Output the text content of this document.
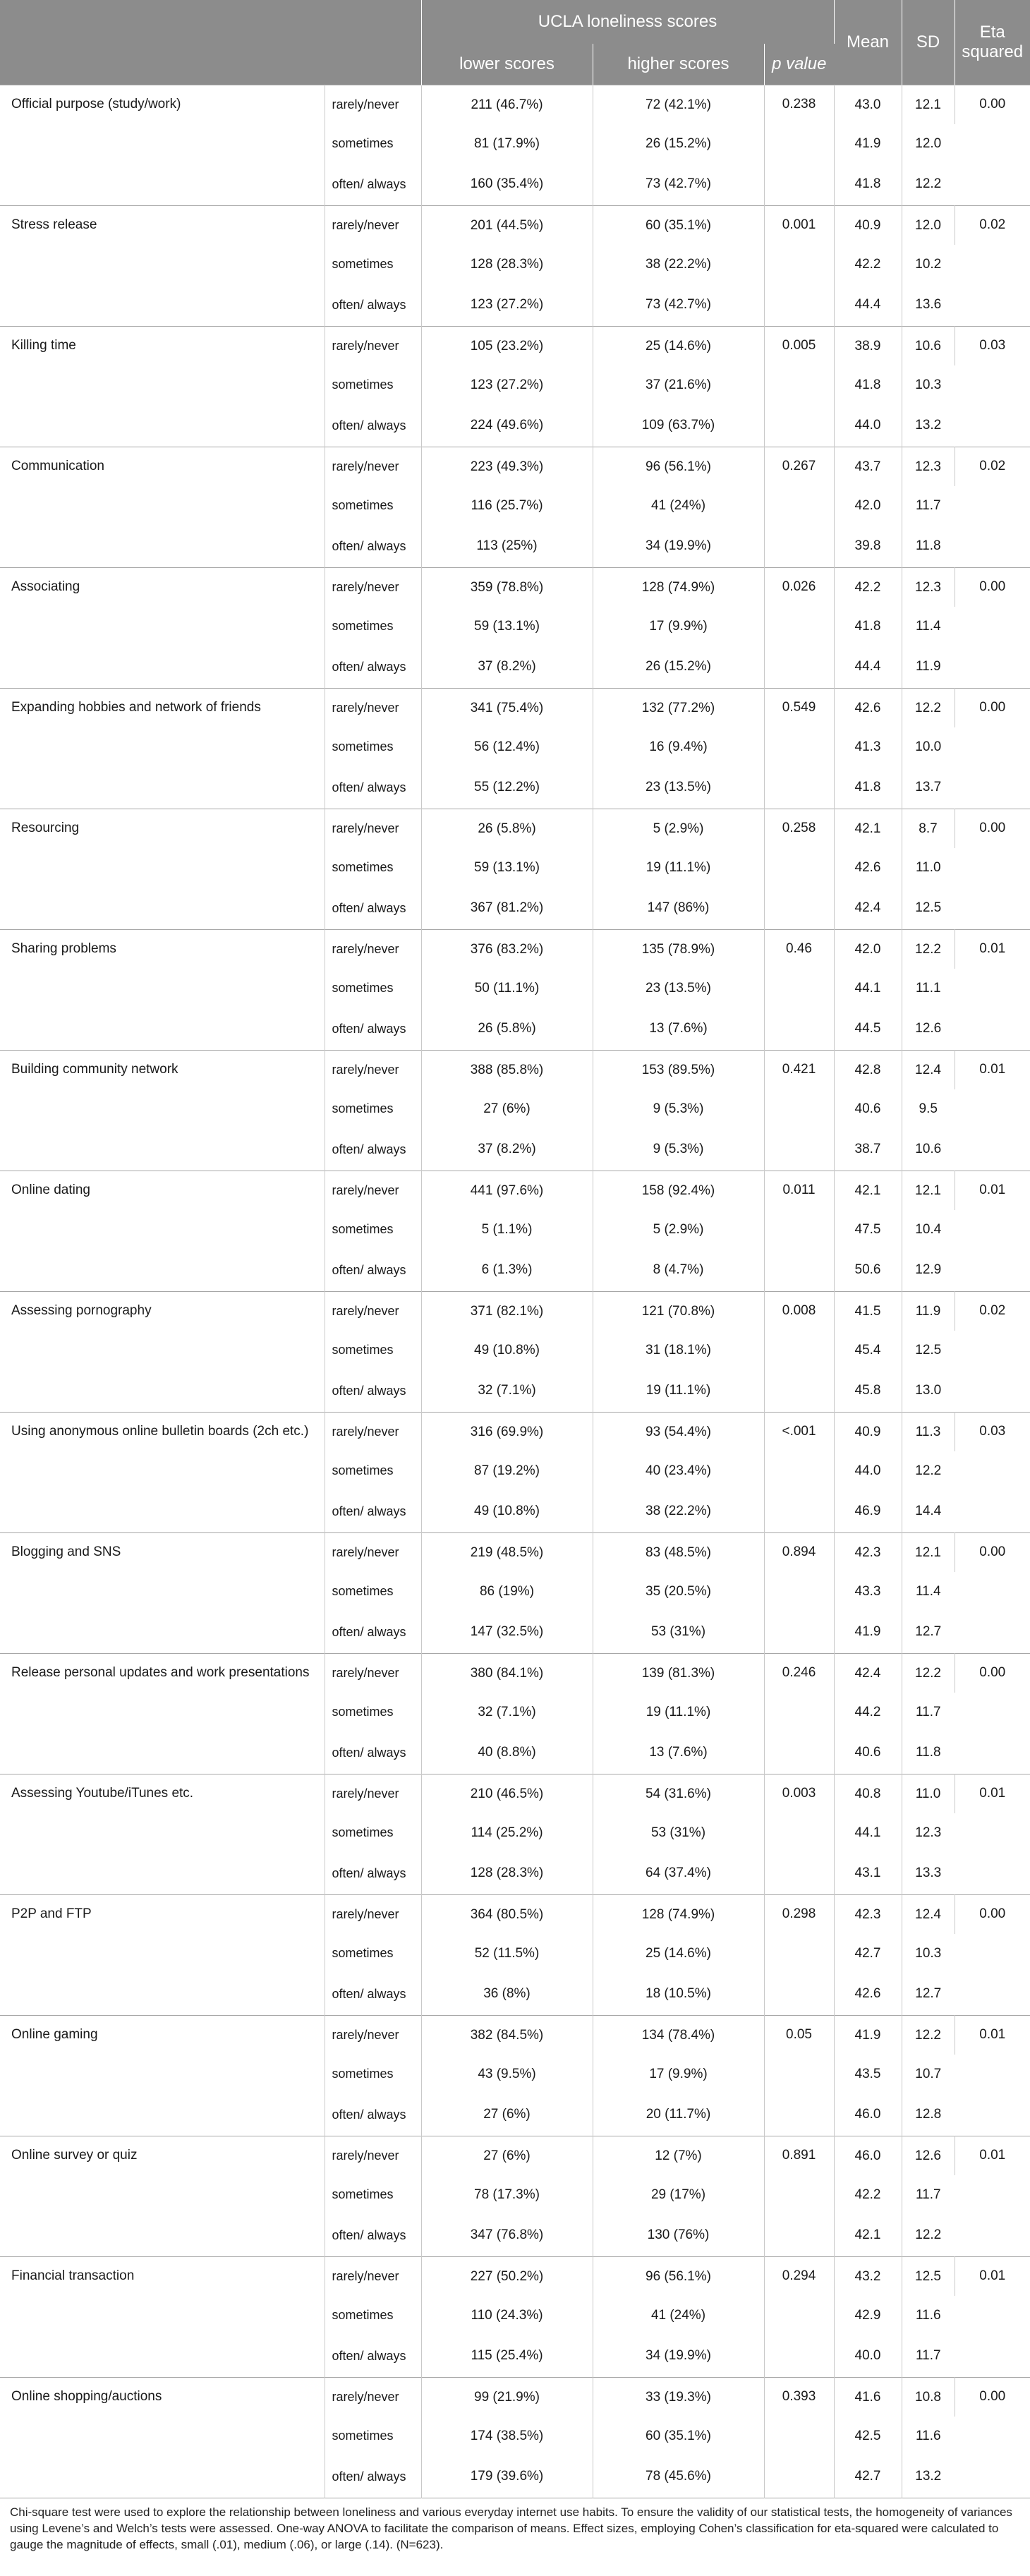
		UCLA loneliness scores			Mean	SD	Eta squared
		lower scores	higher scores	p value			
Official purpose (study/work)	rarely/never	211 (46.7%)	72 (42.1%)	0.238	43.0	12.1	0.00
	sometimes	81 (17.9%)	26 (15.2%)		41.9	12.0	
	often/ always	160 (35.4%)	73 (42.7%)		41.8	12.2	
Stress release	rarely/never	201 (44.5%)	60 (35.1%)	0.001	40.9	12.0	0.02
	sometimes	128 (28.3%)	38 (22.2%)		42.2	10.2	
	often/ always	123 (27.2%)	73 (42.7%)		44.4	13.6	
Killing time	rarely/never	105 (23.2%)	25 (14.6%)	0.005	38.9	10.6	0.03
	sometimes	123 (27.2%)	37 (21.6%)		41.8	10.3	
	often/ always	224 (49.6%)	109 (63.7%)		44.0	13.2	
Communication	rarely/never	223 (49.3%)	96 (56.1%)	0.267	43.7	12.3	0.02
	sometimes	116 (25.7%)	41 (24%)		42.0	11.7	
	often/ always	113 (25%)	34 (19.9%)		39.8	11.8	
Associating	rarely/never	359 (78.8%)	128 (74.9%)	0.026	42.2	12.3	0.00
	sometimes	59 (13.1%)	17 (9.9%)		41.8	11.4	
	often/ always	37 (8.2%)	26 (15.2%)		44.4	11.9	
Expanding hobbies and network of friends	rarely/never	341 (75.4%)	132 (77.2%)	0.549	42.6	12.2	0.00
	sometimes	56 (12.4%)	16 (9.4%)		41.3	10.0	
	often/ always	55 (12.2%)	23 (13.5%)		41.8	13.7	
Resourcing	rarely/never	26 (5.8%)	5 (2.9%)	0.258	42.1	8.7	0.00
	sometimes	59 (13.1%)	19 (11.1%)		42.6	11.0	
	often/ always	367 (81.2%)	147 (86%)		42.4	12.5	
Sharing problems	rarely/never	376 (83.2%)	135 (78.9%)	0.46	42.0	12.2	0.01
	sometimes	50 (11.1%)	23 (13.5%)		44.1	11.1	
	often/ always	26 (5.8%)	13 (7.6%)		44.5	12.6	
Building community network	rarely/never	388 (85.8%)	153 (89.5%)	0.421	42.8	12.4	0.01
	sometimes	27 (6%)	9 (5.3%)		40.6	9.5	
	often/ always	37 (8.2%)	9 (5.3%)		38.7	10.6	
Online dating	rarely/never	441 (97.6%)	158 (92.4%)	0.011	42.1	12.1	0.01
	sometimes	5 (1.1%)	5 (2.9%)		47.5	10.4	
	often/ always	6 (1.3%)	8 (4.7%)		50.6	12.9	
Assessing pornography	rarely/never	371 (82.1%)	121 (70.8%)	0.008	41.5	11.9	0.02
	sometimes	49 (10.8%)	31 (18.1%)		45.4	12.5	
	often/ always	32 (7.1%)	19 (11.1%)		45.8	13.0	
Using anonymous online bulletin boards (2ch etc.)	rarely/never	316 (69.9%)	93 (54.4%)	<.001	40.9	11.3	0.03
	sometimes	87 (19.2%)	40 (23.4%)		44.0	12.2	
	often/ always	49 (10.8%)	38 (22.2%)		46.9	14.4	
Blogging and SNS	rarely/never	219 (48.5%)	83 (48.5%)	0.894	42.3	12.1	0.00
	sometimes	86 (19%)	35 (20.5%)		43.3	11.4	
	often/ always	147 (32.5%)	53 (31%)		41.9	12.7	
Release personal updates and work presentations	rarely/never	380 (84.1%)	139 (81.3%)	0.246	42.4	12.2	0.00
	sometimes	32 (7.1%)	19 (11.1%)		44.2	11.7	
	often/ always	40 (8.8%)	13 (7.6%)		40.6	11.8	
Assessing Youtube/iTunes etc.	rarely/never	210 (46.5%)	54 (31.6%)	0.003	40.8	11.0	0.01
	sometimes	114 (25.2%)	53 (31%)		44.1	12.3	
	often/ always	128 (28.3%)	64 (37.4%)		43.1	13.3	
P2P and FTP	rarely/never	364 (80.5%)	128 (74.9%)	0.298	42.3	12.4	0.00
	sometimes	52 (11.5%)	25 (14.6%)		42.7	10.3	
	often/ always	36 (8%)	18 (10.5%)		42.6	12.7	
Online gaming	rarely/never	382 (84.5%)	134 (78.4%)	0.05	41.9	12.2	0.01
	sometimes	43 (9.5%)	17 (9.9%)		43.5	10.7	
	often/ always	27 (6%)	20 (11.7%)		46.0	12.8	
Online survey or quiz	rarely/never	27 (6%)	12 (7%)	0.891	46.0	12.6	0.01
	sometimes	78 (17.3%)	29 (17%)		42.2	11.7	
	often/ always	347 (76.8%)	130 (76%)		42.1	12.2	
Financial transaction	rarely/never	227 (50.2%)	96 (56.1%)	0.294	43.2	12.5	0.01
	sometimes	110 (24.3%)	41 (24%)		42.9	11.6	
	often/ always	115 (25.4%)	34 (19.9%)		40.0	11.7	
Online shopping/auctions	rarely/never	99 (21.9%)	33 (19.3%)	0.393	41.6	10.8	0.00
	sometimes	174 (38.5%)	60 (35.1%)		42.5	11.6	
	often/ always	179 (39.6%)	78 (45.6%)		42.7	13.2	
Chi-square test were used to explore the relationship between loneliness and various everyday internet use habits. To ensure the validity of our statistical tests, the homogeneity of variances using Levene’s and Welch’s tests were assessed. One-way ANOVA to facilitate the comparison of means. Effect sizes, employing Cohen’s classification for eta-squared were calculated to gauge the magnitude of effects, small (.01), medium (.06), or large (.14). (N=623).
